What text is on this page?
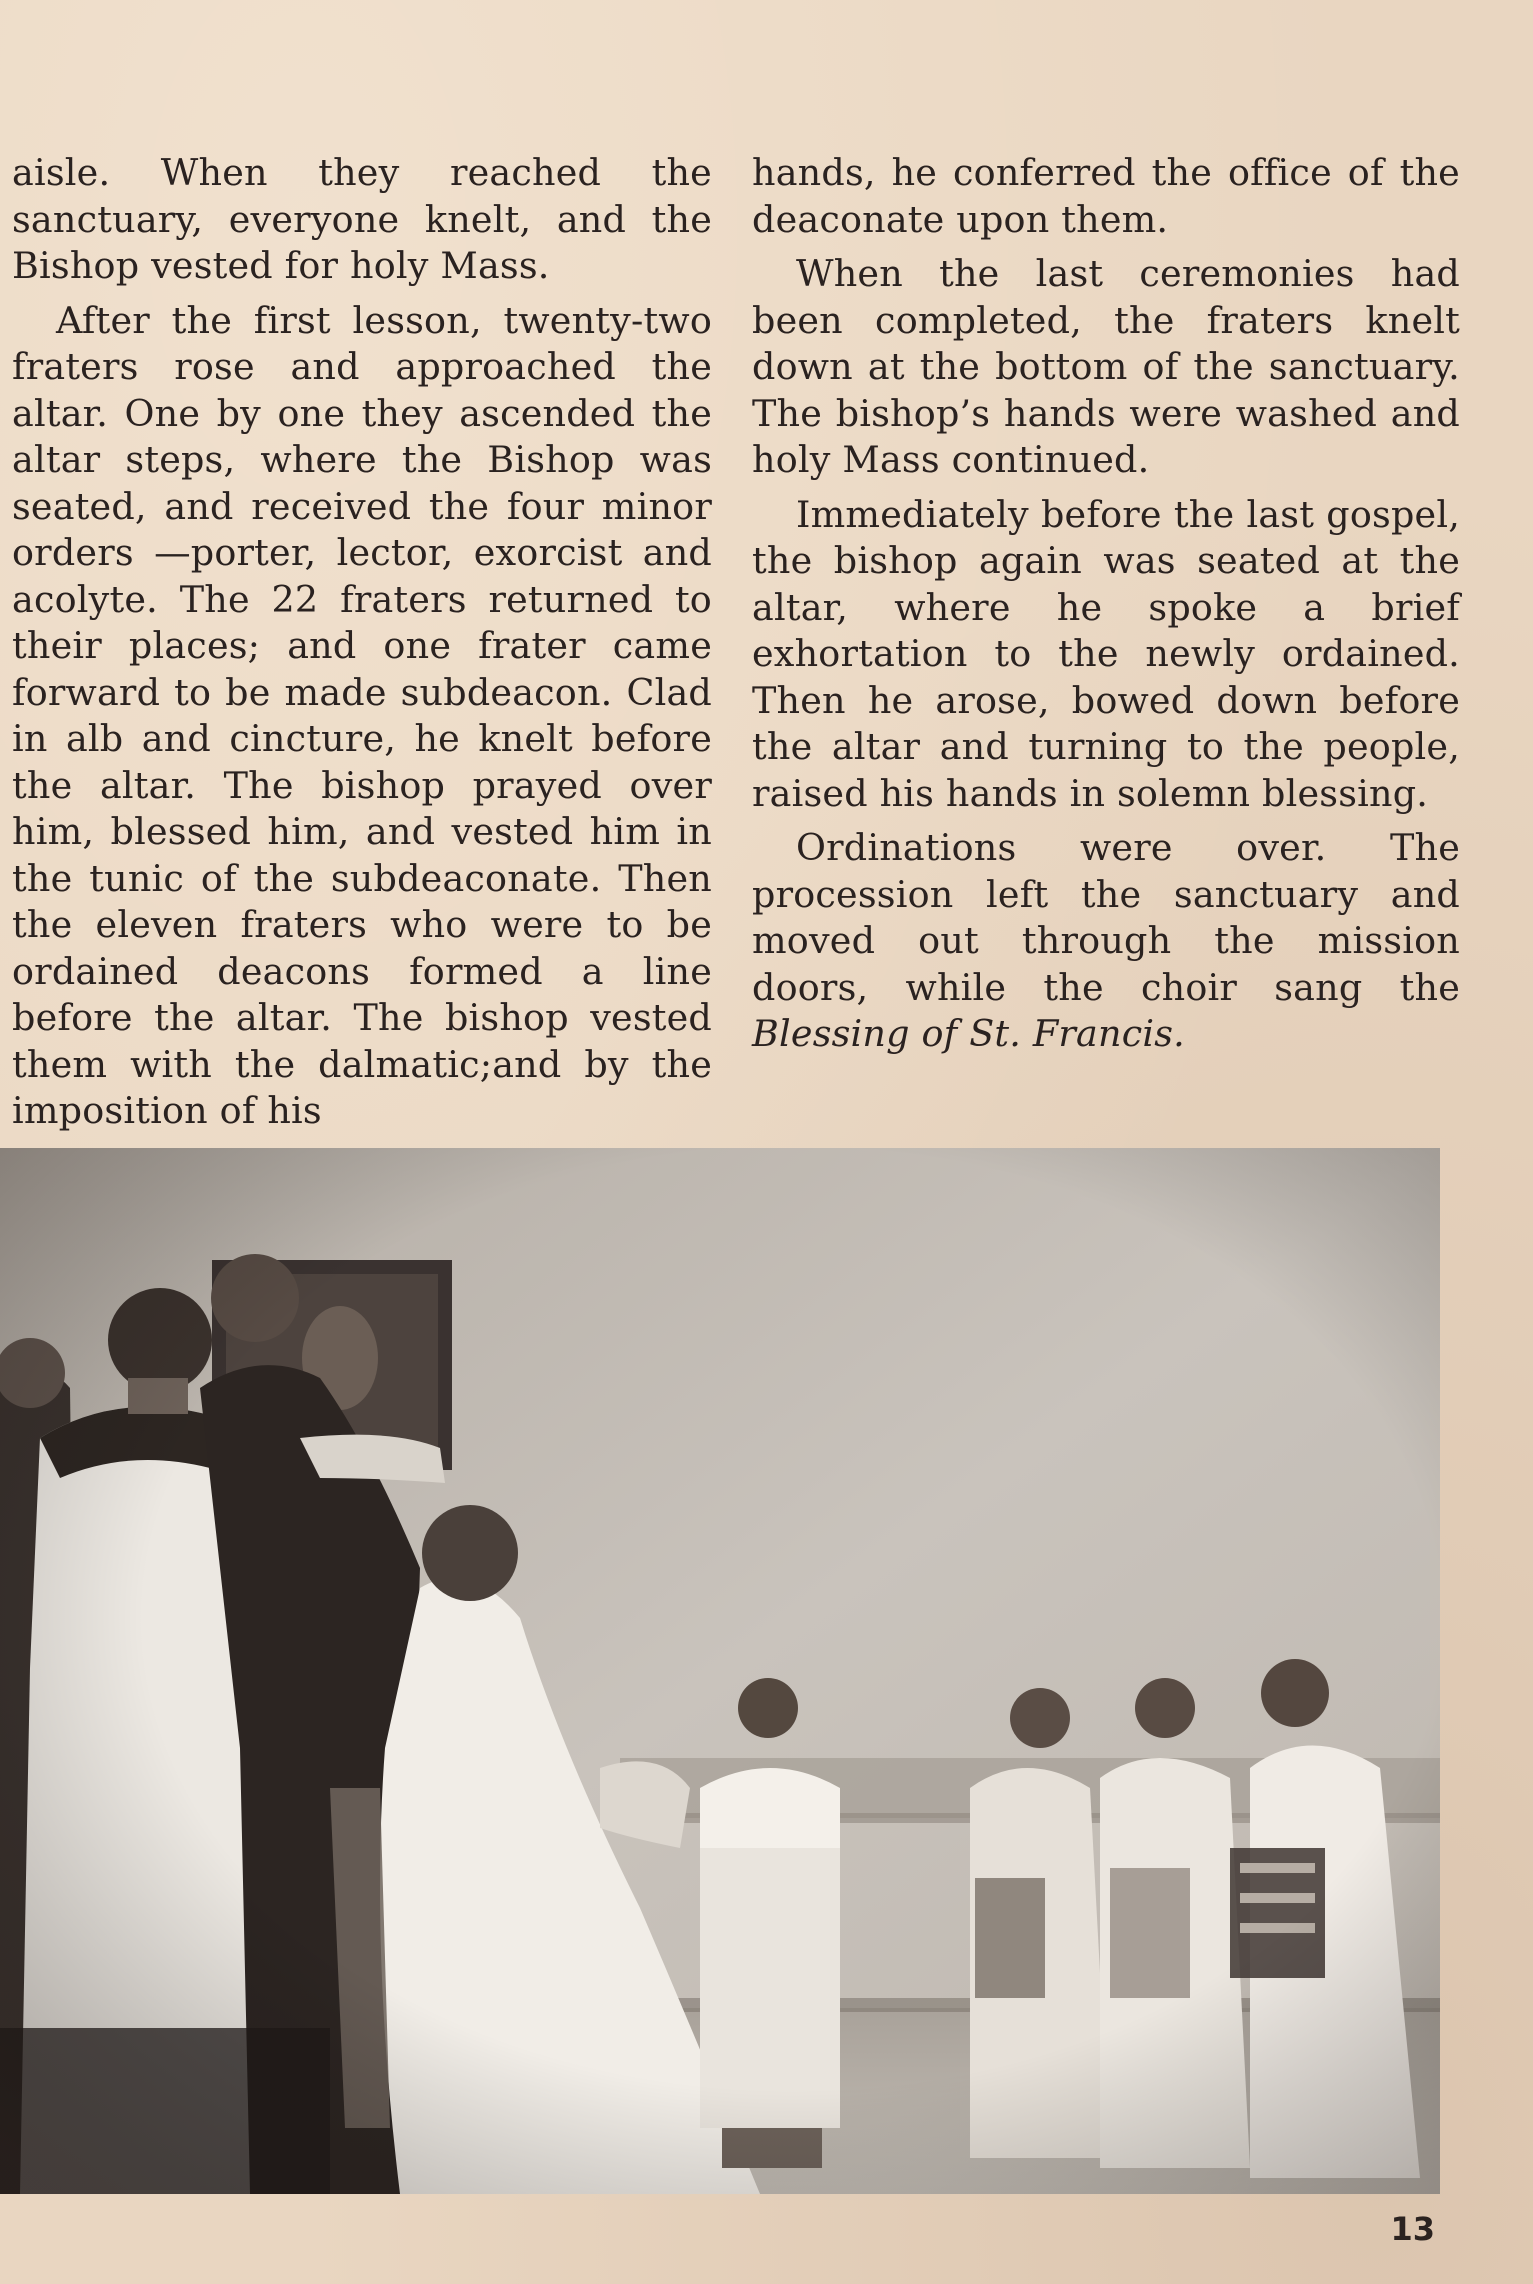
aisle. When they reached the sanctuary, everyone knelt, and the Bishop vested for holy Mass.

After the first lesson, twenty-two fraters rose and approached the altar. One by one they ascended the altar steps, where the Bishop was seated, and received the four minor orders —porter, lector, exorcist and acolyte. The 22 fraters returned to their places; and one frater came forward to be made subdeacon. Clad in alb and cincture, he knelt before the altar. The bishop prayed over him, blessed him, and vested him in the tunic of the subdeaconate. Then the eleven fraters who were to be ordained deacons formed a line before the altar. The bishop vested them with the dalmatic;and by the imposition of his

hands, he conferred the office of the deaconate upon them.

When the last ceremonies had been completed, the fraters knelt down at the bottom of the sanctuary. The bishop’s hands were washed and holy Mass continued.

Immediately before the last gospel, the bishop again was seated at the altar, where he spoke a brief exhortation to the newly ordained. Then he arose, bowed down before the altar and turning to the people, raised his hands in solemn blessing.

Ordinations were over. The procession left the sanctuary and moved out through the mission doors, while the choir sang the Blessing of St. Francis.

13
